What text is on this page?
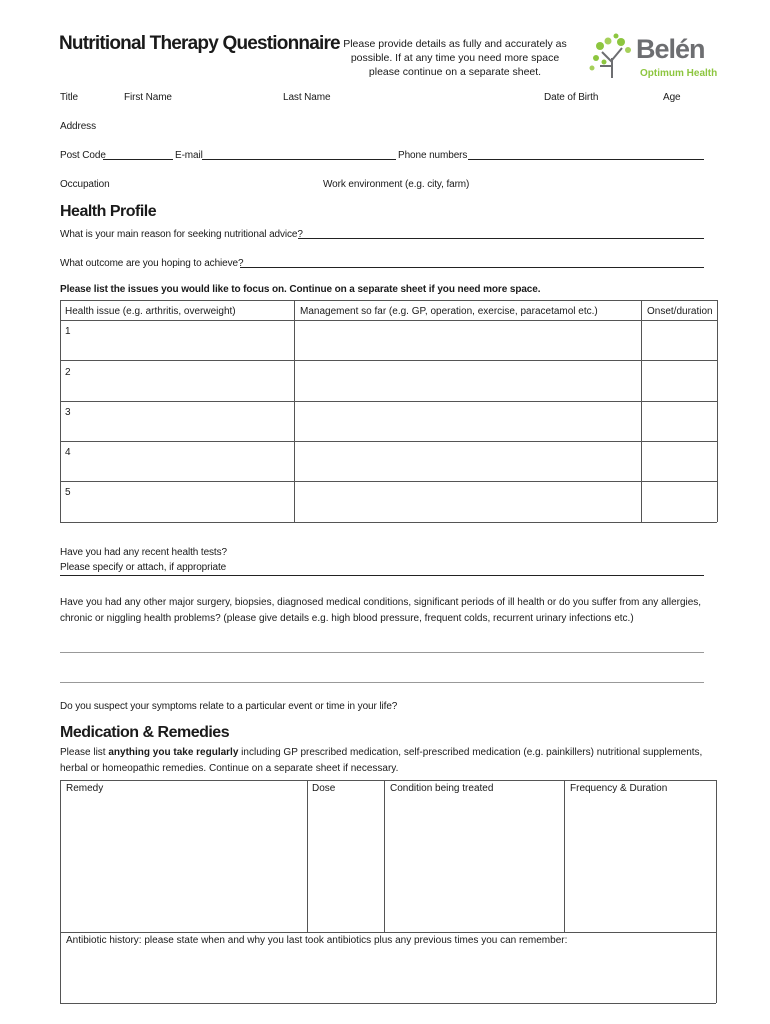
Nutritional Therapy Questionnaire Please provide details as fully and accurately as possible. If at any time you need more space please continue on a separate sheet.
Belén
Optimum Health
Title	First Name	Last Name	Date of Birth	Age
Address
Post Code	E-mail	Phone numbers
Occupation	Work environment (e.g. city, farm)
Health Profile
What is your main reason for seeking nutritional advice?
What outcome are you hoping to achieve?
Please list the issues you would like to focus on. Continue on a separate sheet if you need more space.
Health issue (e.g. arthritis, overweight)	Management so far (e.g. GP, operation, exercise, paracetamol etc.)	Onset/duration
1
2
3
4
5
Have you had any recent health tests?
Please specify or attach, if appropriate
Have you had any other major surgery, biopsies, diagnosed medical conditions, significant periods of ill health or do you suffer from any allergies, chronic or niggling health problems? (please give details e.g. high blood pressure, frequent colds, recurrent urinary infections etc.)
Do you suspect your symptoms relate to a particular event or time in your life?
Medication & Remedies
Please list anything you take regularly including GP prescribed medication, self-prescribed medication (e.g. painkillers) nutritional supplements, herbal or homeopathic remedies. Continue on a separate sheet if necessary.
Remedy	Dose	Condition being treated	Frequency & Duration
Antibiotic history: please state when and why you last took antibiotics plus any previous times you can remember:
